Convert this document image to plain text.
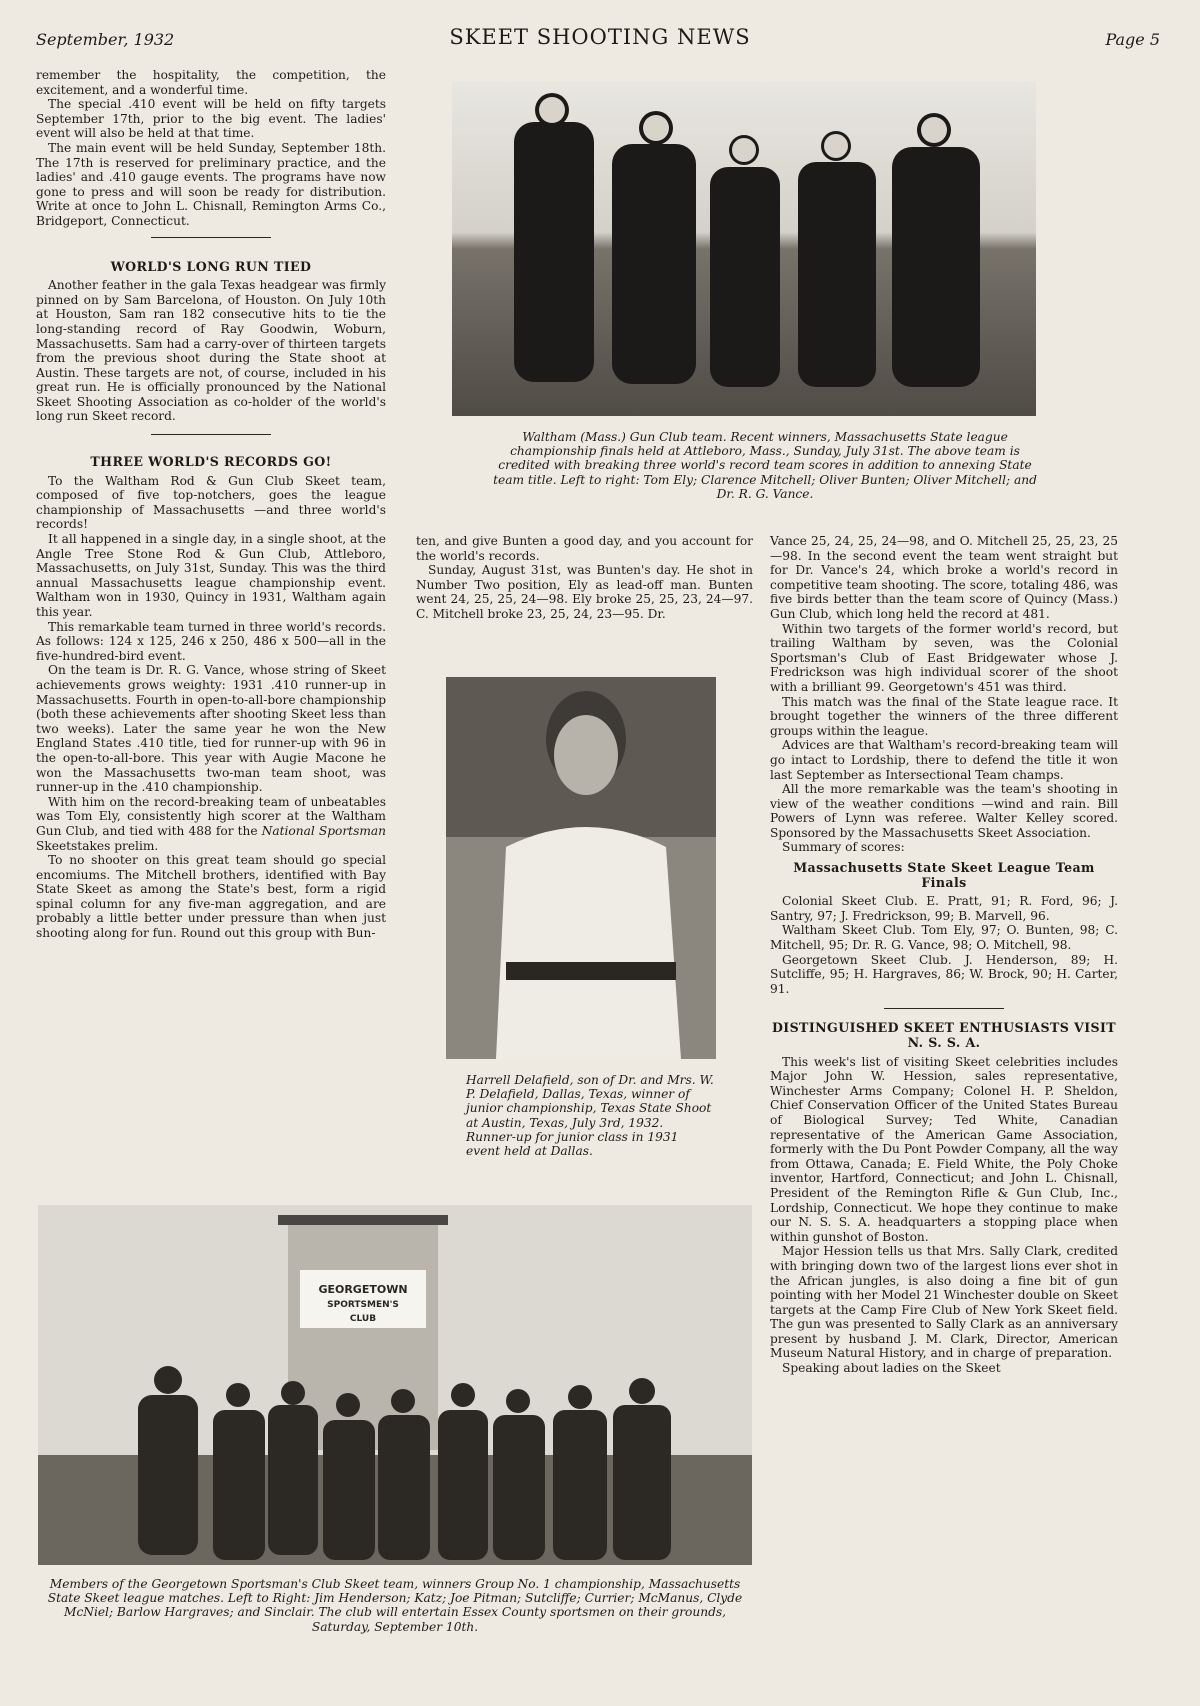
September, 1932	SKEET SHOOTING NEWS	Page 5

remember the hospitality, the competition, the excitement, and a wonderful time.

The special .410 event will be held on fifty targets September 17th, prior to the big event. The ladies' event will also be held at that time.

The main event will be held Sunday, September 18th. The 17th is reserved for preliminary practice, and the ladies' and .410 gauge events. The programs have now gone to press and will soon be ready for distribution. Write at once to John L. Chisnall, Remington Arms Co., Bridgeport, Connecticut.

WORLD'S LONG RUN TIED

Another feather in the gala Texas headgear was firmly pinned on by Sam Barcelona, of Houston. On July 10th at Houston, Sam ran 182 consecutive hits to tie the long-standing record of Ray Goodwin, Woburn, Massachusetts. Sam had a carry-over of thirteen targets from the previous shoot during the State shoot at Austin. These targets are not, of course, included in his great run. He is officially pronounced by the National Skeet Shooting Association as co-holder of the world's long run Skeet record.

THREE WORLD'S RECORDS GO!

To the Waltham Rod & Gun Club Skeet team, composed of five top-notchers, goes the league championship of Massachusetts —and three world's records!

It all happened in a single day, in a single shoot, at the Angle Tree Stone Rod & Gun Club, Attleboro, Massachusetts, on July 31st, Sunday. This was the third annual Massachusetts league championship event. Waltham won in 1930, Quincy in 1931, Waltham again this year.

This remarkable team turned in three world's records. As follows: 124 x 125, 246 x 250, 486 x 500—all in the five-hundred-bird event.

On the team is Dr. R. G. Vance, whose string of Skeet achievements grows weighty: 1931 .410 runner-up in Massachusetts. Fourth in open-to-all-bore championship (both these achievements after shooting Skeet less than two weeks). Later the same year he won the New England States .410 title, tied for runner-up with 96 in the open-to-all-bore. This year with Augie Macone he won the Massachusetts two-man team shoot, was runner-up in the .410 championship.

With him on the record-breaking team of unbeatables was Tom Ely, consistently high scorer at the Waltham Gun Club, and tied with 488 for the National Sportsman Skeetstakes prelim.

To no shooter on this great team should go special encomiums. The Mitchell brothers, identified with Bay State Skeet as among the State's best, form a rigid spinal column for any five-man aggregation, and are probably a little better under pressure than when just shooting along for fun. Round out this group with Bun-

Waltham (Mass.) Gun Club team. Recent winners, Massachusetts State league championship finals held at Attleboro, Mass., Sunday, July 31st. The above team is credited with breaking three world's record team scores in addition to annexing State team title. Left to right: Tom Ely; Clarence Mitchell; Oliver Bunten; Oliver Mitchell; and Dr. R. G. Vance.

ten, and give Bunten a good day, and you account for the world's records.

Sunday, August 31st, was Bunten's day. He shot in Number Two position, Ely as lead-off man. Bunten went 24, 25, 25, 24—98. Ely broke 25, 25, 23, 24—97. C. Mitchell broke 23, 25, 24, 23—95. Dr.

Harrell Delafield, son of Dr. and Mrs. W. P. Delafield, Dallas, Texas, winner of junior championship, Texas State Shoot at Austin, Texas, July 3rd, 1932. Runner-up for junior class in 1931 event held at Dallas.

Vance 25, 24, 25, 24—98, and O. Mitchell 25, 25, 23, 25—98. In the second event the team went straight but for Dr. Vance's 24, which broke a world's record in competitive team shooting. The score, totaling 486, was five birds better than the team score of Quincy (Mass.) Gun Club, which long held the record at 481.

Within two targets of the former world's record, but trailing Waltham by seven, was the Colonial Sportsman's Club of East Bridgewater whose J. Fredrickson was high individual scorer of the shoot with a brilliant 99. Georgetown's 451 was third.

This match was the final of the State league race. It brought together the winners of the three different groups within the league.

Advices are that Waltham's record-breaking team will go intact to Lordship, there to defend the title it won last September as Intersectional Team champs.

All the more remarkable was the team's shooting in view of the weather conditions —wind and rain. Bill Powers of Lynn was referee. Walter Kelley scored. Sponsored by the Massachusetts Skeet Association.

Summary of scores:

Massachusetts State Skeet League Team Finals

Colonial Skeet Club. E. Pratt, 91; R. Ford, 96; J. Santry, 97; J. Fredrickson, 99; B. Marvell, 96.

Waltham Skeet Club. Tom Ely, 97; O. Bunten, 98; C. Mitchell, 95; Dr. R. G. Vance, 98; O. Mitchell, 98.

Georgetown Skeet Club. J. Henderson, 89; H. Sutcliffe, 95; H. Hargraves, 86; W. Brock, 90; H. Carter, 91.

DISTINGUISHED SKEET ENTHUSIASTS VISIT N. S. S. A.

This week's list of visiting Skeet celebrities includes Major John W. Hession, sales representative, Winchester Arms Company; Colonel H. P. Sheldon, Chief Conservation Officer of the United States Bureau of Biological Survey; Ted White, Canadian representative of the American Game Association, formerly with the Du Pont Powder Company, all the way from Ottawa, Canada; E. Field White, the Poly Choke inventor, Hartford, Connecticut; and John L. Chisnall, President of the Remington Rifle & Gun Club, Inc., Lordship, Connecticut. We hope they continue to make our N. S. S. A. headquarters a stopping place when within gunshot of Boston.

Major Hession tells us that Mrs. Sally Clark, credited with bringing down two of the largest lions ever shot in the African jungles, is also doing a fine bit of gun pointing with her Model 21 Winchester double on Skeet targets at the Camp Fire Club of New York Skeet field. The gun was presented to Sally Clark as an anniversary present by husband J. M. Clark, Director, American Museum Natural History, and in charge of preparation.

Speaking about ladies on the Skeet

GEORGETOWN
SPORTSMEN'S
CLUB
Members of the Georgetown Sportsman's Club Skeet team, winners Group No. 1 championship, Massachusetts State Skeet league matches. Left to Right: Jim Henderson; Katz; Joe Pitman; Sutcliffe; Currier; McManus, Clyde McNiel; Barlow Hargraves; and Sinclair. The club will entertain Essex County sportsmen on their grounds, Saturday, September 10th.
